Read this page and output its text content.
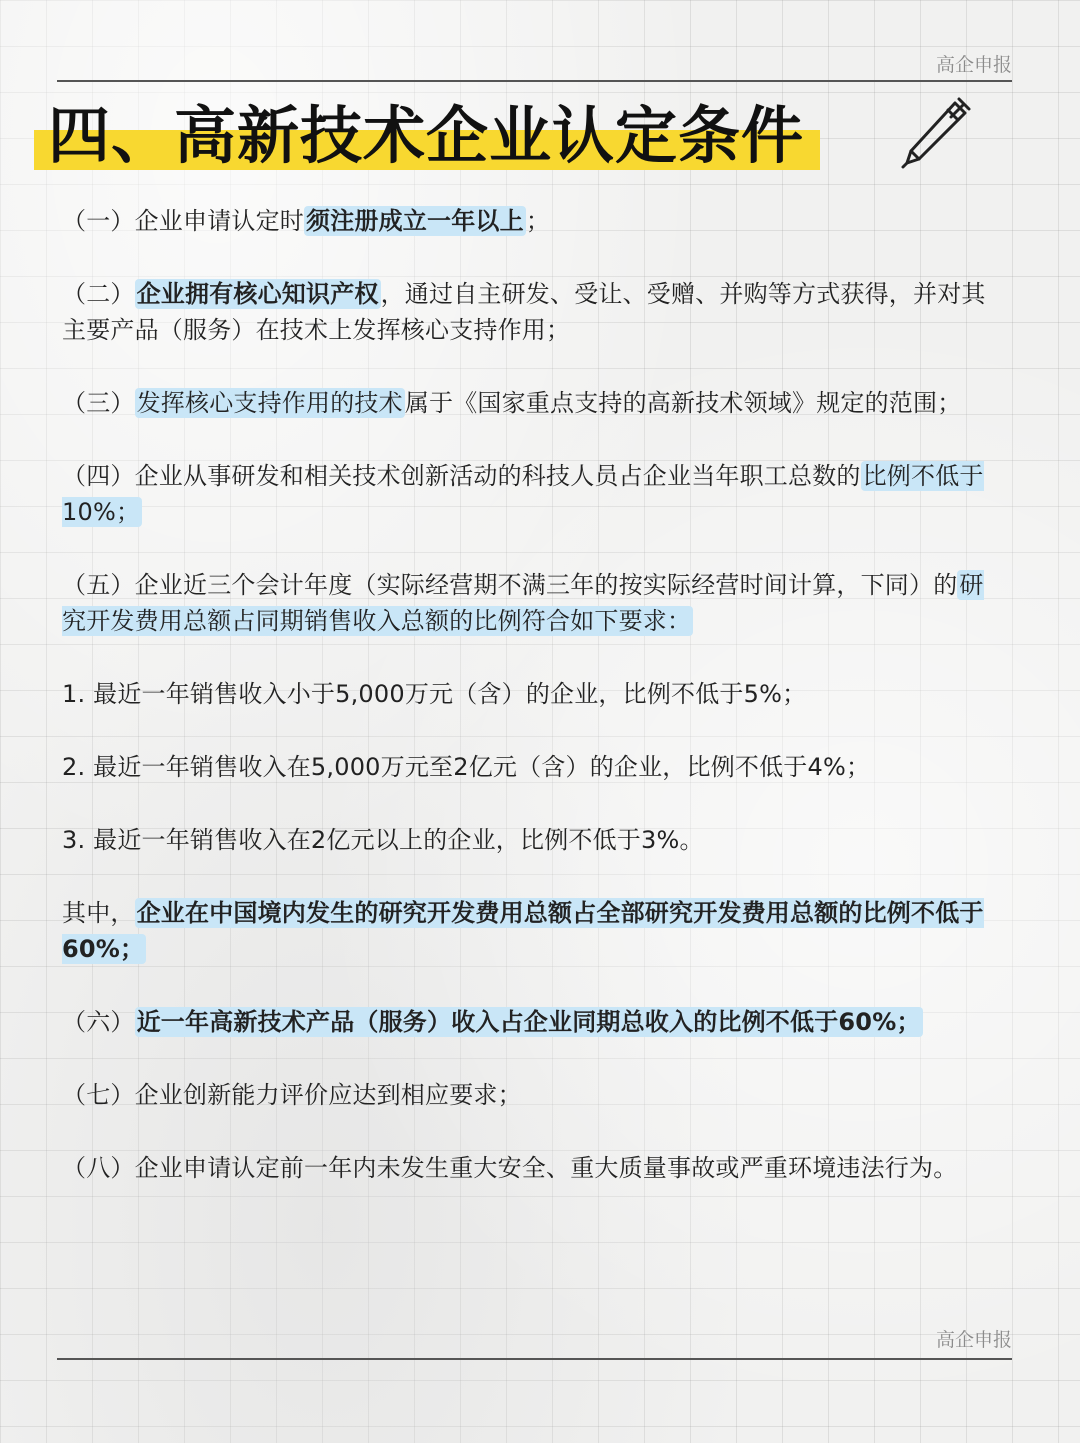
高企申报
四、高新技术企业认定条件

（一）企业申请认定时须注册成立一年以上；

（二）企业拥有核心知识产权，通过自主研发、受让、受赠、并购等方式获得，并对其主要产品（服务）在技术上发挥核心支持作用；

（三）发挥核心支持作用的技术属于《国家重点支持的高新技术领域》规定的范围；

（四）企业从事研发和相关技术创新活动的科技人员占企业当年职工总数的比例不低于10%；

（五）企业近三个会计年度（实际经营期不满三年的按实际经营时间计算，下同）的研究开发费用总额占同期销售收入总额的比例符合如下要求：

1. 最近一年销售收入小于5,000万元（含）的企业，比例不低于5%；

2. 最近一年销售收入在5,000万元至2亿元（含）的企业，比例不低于4%；

3. 最近一年销售收入在2亿元以上的企业，比例不低于3%。

其中，企业在中国境内发生的研究开发费用总额占全部研究开发费用总额的比例不低于60%；

（六）近一年高新技术产品（服务）收入占企业同期总收入的比例不低于60%；

（七）企业创新能力评价应达到相应要求；

（八）企业申请认定前一年内未发生重大安全、重大质量事故或严重环境违法行为。

高企申报
